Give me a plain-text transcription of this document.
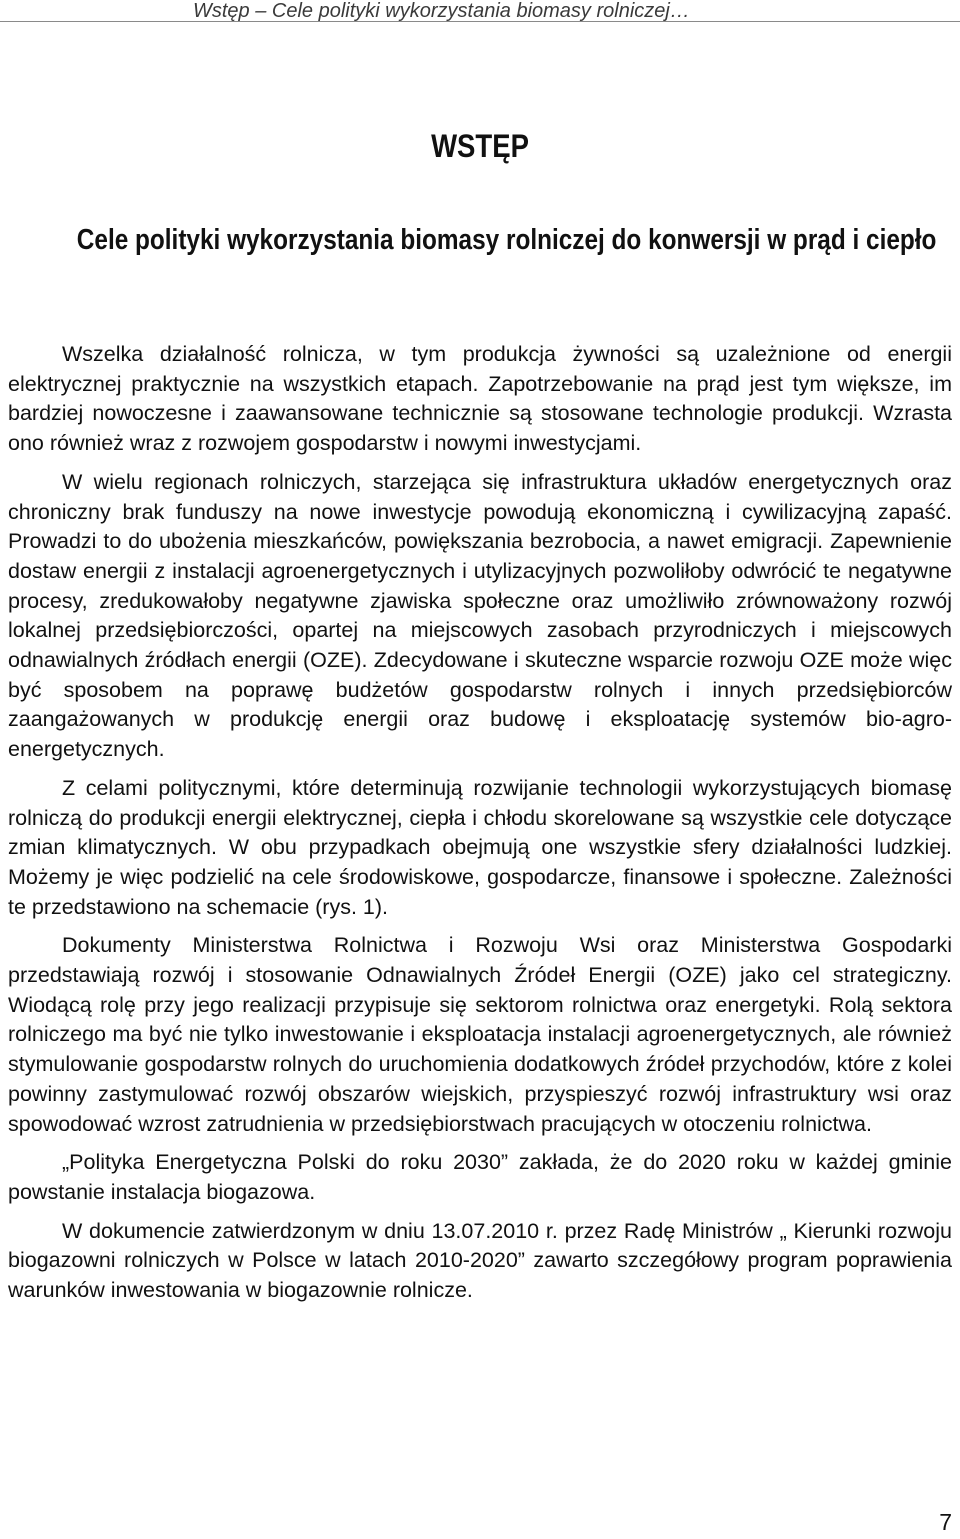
Wstęp – Cele polityki wykorzystania biomasy rolniczej…
WSTĘP
Cele polityki wykorzystania biomasy rolniczej do konwersji w prąd i ciepło

Wszelka działalność rolnicza, w tym produkcja żywności są uzależnione od energii elektrycznej praktycznie na wszystkich etapach. Zapotrzebowanie na prąd jest tym większe, im bardziej nowoczesne i zaawansowane technicznie są stosowane technologie produkcji. Wzrasta ono również wraz z rozwojem gospodarstw i nowymi inwestycjami.

W wielu regionach rolniczych, starzejąca się infrastruktura układów energetycznych oraz chroniczny brak funduszy na nowe inwestycje powodują ekonomiczną i cywilizacyjną zapaść. Prowadzi to do ubożenia mieszkańców, powiększania bezrobocia, a nawet emigracji. Zapewnienie dostaw energii z instalacji agroenergetycznych i utylizacyjnych pozwoliłoby odwrócić te negatywne procesy, zredukowałoby negatywne zjawiska społeczne oraz umożliwiło zrównoważony rozwój lokalnej przedsiębiorczości, opartej na miejscowych zasobach przyrodniczych i miejscowych odnawialnych źródłach energii (OZE). Zdecydowane i skuteczne wsparcie rozwoju OZE może więc być sposobem na poprawę budżetów gospodarstw rolnych i innych przedsiębiorców zaangażowanych w produkcję energii oraz budowę i eksploatację systemów bio-agro-energetycznych.

Z celami politycznymi, które determinują rozwijanie technologii wykorzystujących biomasę rolniczą do produkcji energii elektrycznej, ciepła i chłodu skorelowane są wszystkie cele dotyczące zmian klimatycznych. W obu przypadkach obejmują one wszystkie sfery działalności ludzkiej. Możemy je więc podzielić na cele środowiskowe, gospodarcze, finansowe i społeczne. Zależności te przedstawiono na schemacie (rys. 1).

Dokumenty Ministerstwa Rolnictwa i Rozwoju Wsi oraz Ministerstwa Gospodarki przedstawiają rozwój i stosowanie Odnawialnych Źródeł Energii (OZE) jako cel strategiczny. Wiodącą rolę przy jego realizacji przypisuje się sektorom rolnictwa oraz energetyki. Rolą sektora rolniczego ma być nie tylko inwestowanie i eksploatacja instalacji agroenergetycznych, ale również stymulowanie gospodarstw rolnych do uruchomienia dodatkowych źródeł przychodów, które z kolei powinny zastymulować rozwój obszarów wiejskich, przyspieszyć rozwój infrastruktury wsi oraz spowodować wzrost zatrudnienia w przedsiębiorstwach pracujących w otoczeniu rolnictwa.

„Polityka Energetyczna Polski do roku 2030” zakłada, że do 2020 roku w każdej gminie powstanie instalacja biogazowa.

W dokumencie zatwierdzonym w dniu 13.07.2010 r. przez Radę Ministrów „ Kierunki rozwoju biogazowni rolniczych w Polsce w latach 2010-2020” zawarto szczegółowy program poprawienia warunków inwestowania w biogazownie rolnicze.

7
